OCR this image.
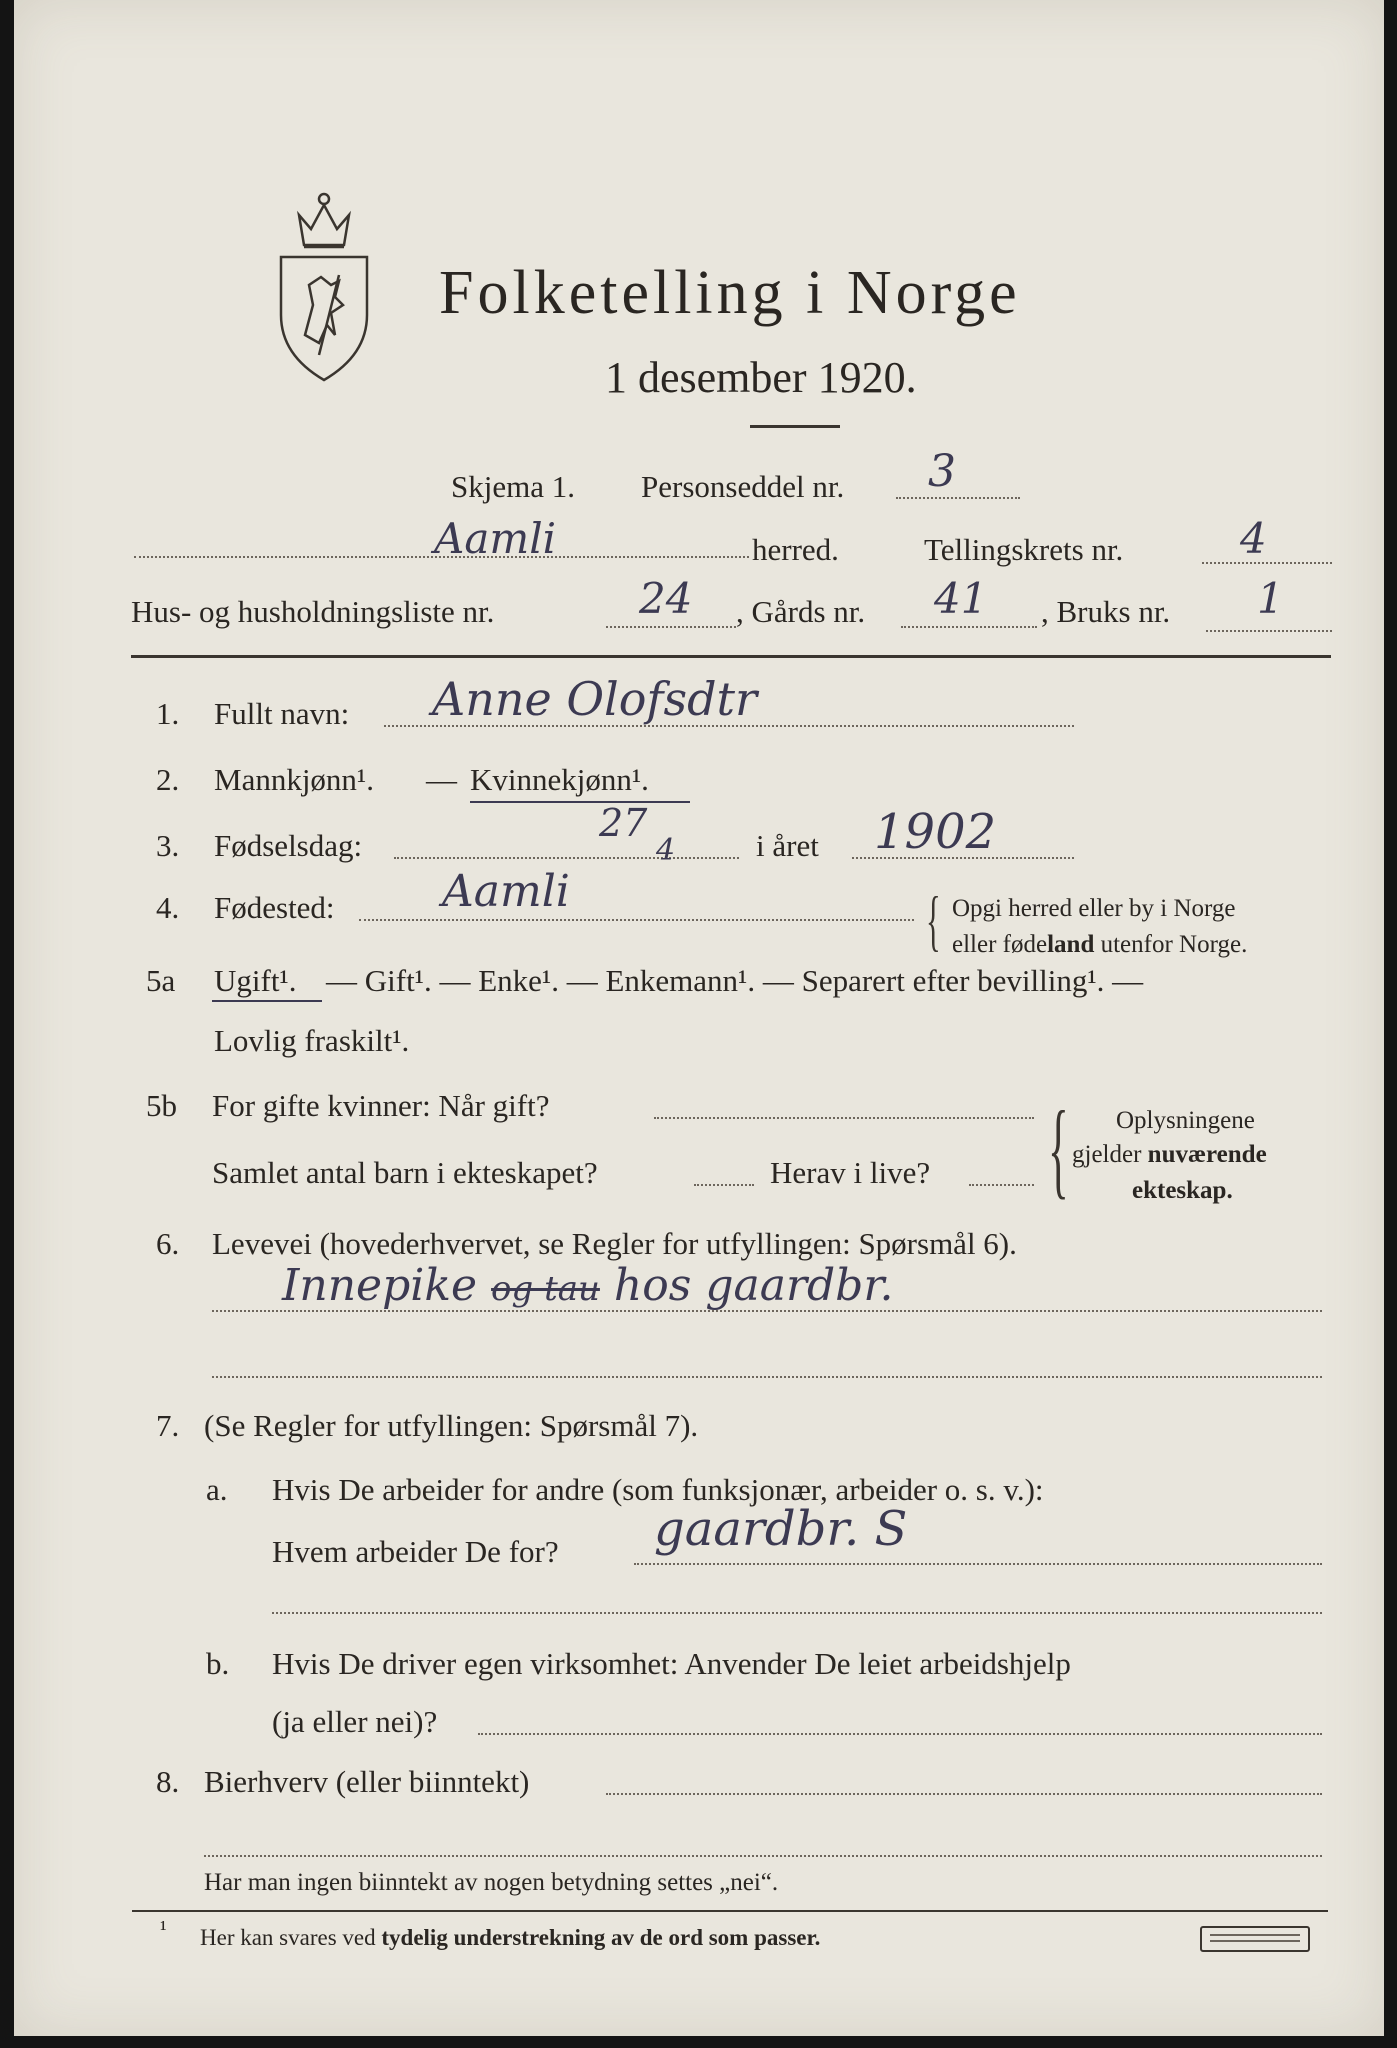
Folketelling i Norge
1 desember 1920.
Skjema 1. Personseddel nr. 3
Aamli	herred.	Tellingskrets nr.	4
Hus- og husholdningsliste nr.	24 , Gårds nr. 41 , Bruks nr. 1
1. Fullt navn: Anne Olofsdtr
2. Mannkjønn¹. — Kvinnekjønn¹.
3. Fødselsdag:
27
4	i året 1902
4. Fødested: Aamli	{ Opgi herred eller by i Norge
eller fødeland utenfor Norge.
5a Ugift¹. — Gift¹. — Enke¹. — Enkemann¹. — Separert efter bevilling¹. —
Lovlig fraskilt¹.
5b For gifte kvinner: Når gift?
Samlet antal barn i ekteskapet?	Herav i live? { Oplysningene
gjelder nuværende
ekteskap.
6. Levevei (hovederhvervet, se Regler for utfyllingen: Spørsmål 6).
Innepike og tau hos gaardbr.
7. (Se Regler for utfyllingen: Spørsmål 7).
a. Hvis De arbeider for andre (som funksjonær, arbeider o. s. v.):
Hvem arbeider De for? gaardbr. S
b. Hvis De driver egen virksomhet: Anvender De leiet arbeidshjelp
(ja eller nei)?
8. Bierhverv (eller biinntekt)
Har man ingen biinntekt av nogen betydning settes „nei“.
¹ Her kan svares ved tydelig understrekning av de ord som passer.
